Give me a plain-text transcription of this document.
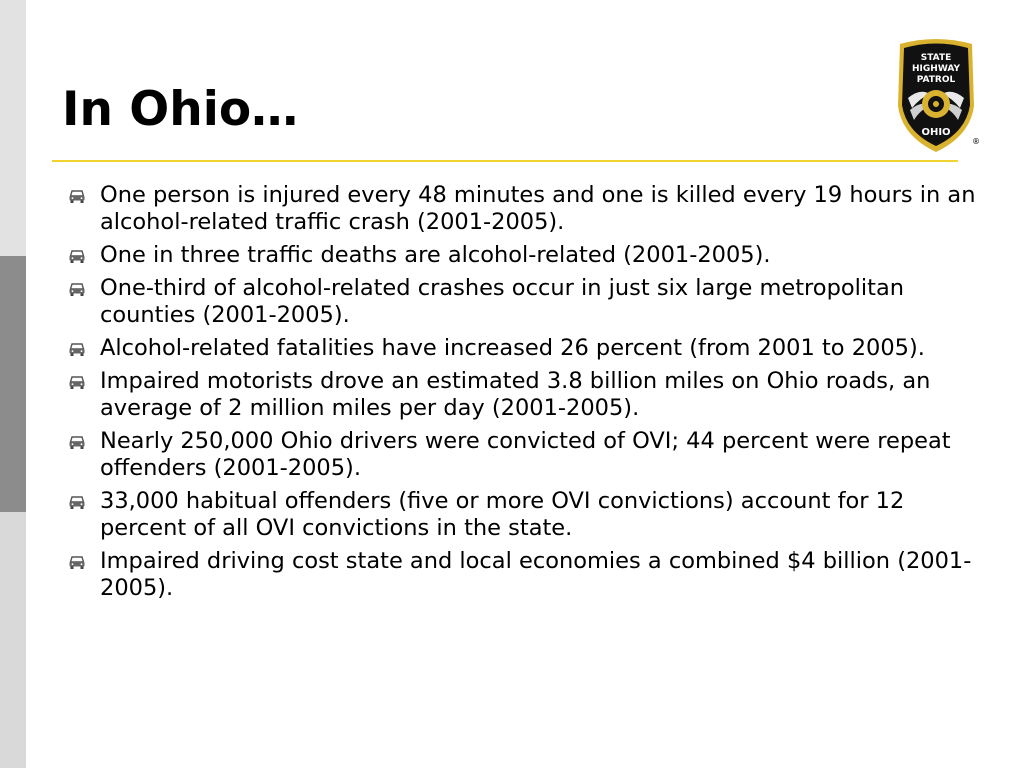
In Ohio…
STATE
HIGHWAY
PATROL
OHIO
®
One person is injured every 48 minutes and one is killed every 19 hours in an alcohol-related traffic crash (2001-2005).
One in three traffic deaths are alcohol-related (2001-2005).
One-third of alcohol-related crashes occur in just six large metropolitan counties (2001-2005).
Alcohol-related fatalities have increased 26 percent (from 2001 to 2005).
Impaired motorists drove an estimated 3.8 billion miles on Ohio roads, an average of 2 million miles per day (2001-2005).
Nearly 250,000 Ohio drivers were convicted of OVI; 44 percent were repeat offenders (2001-2005).
33,000 habitual offenders (five or more OVI convictions) account for 12 percent of all OVI convictions in the state.
Impaired driving cost state and local economies a combined $4 billion (2001-2005).
